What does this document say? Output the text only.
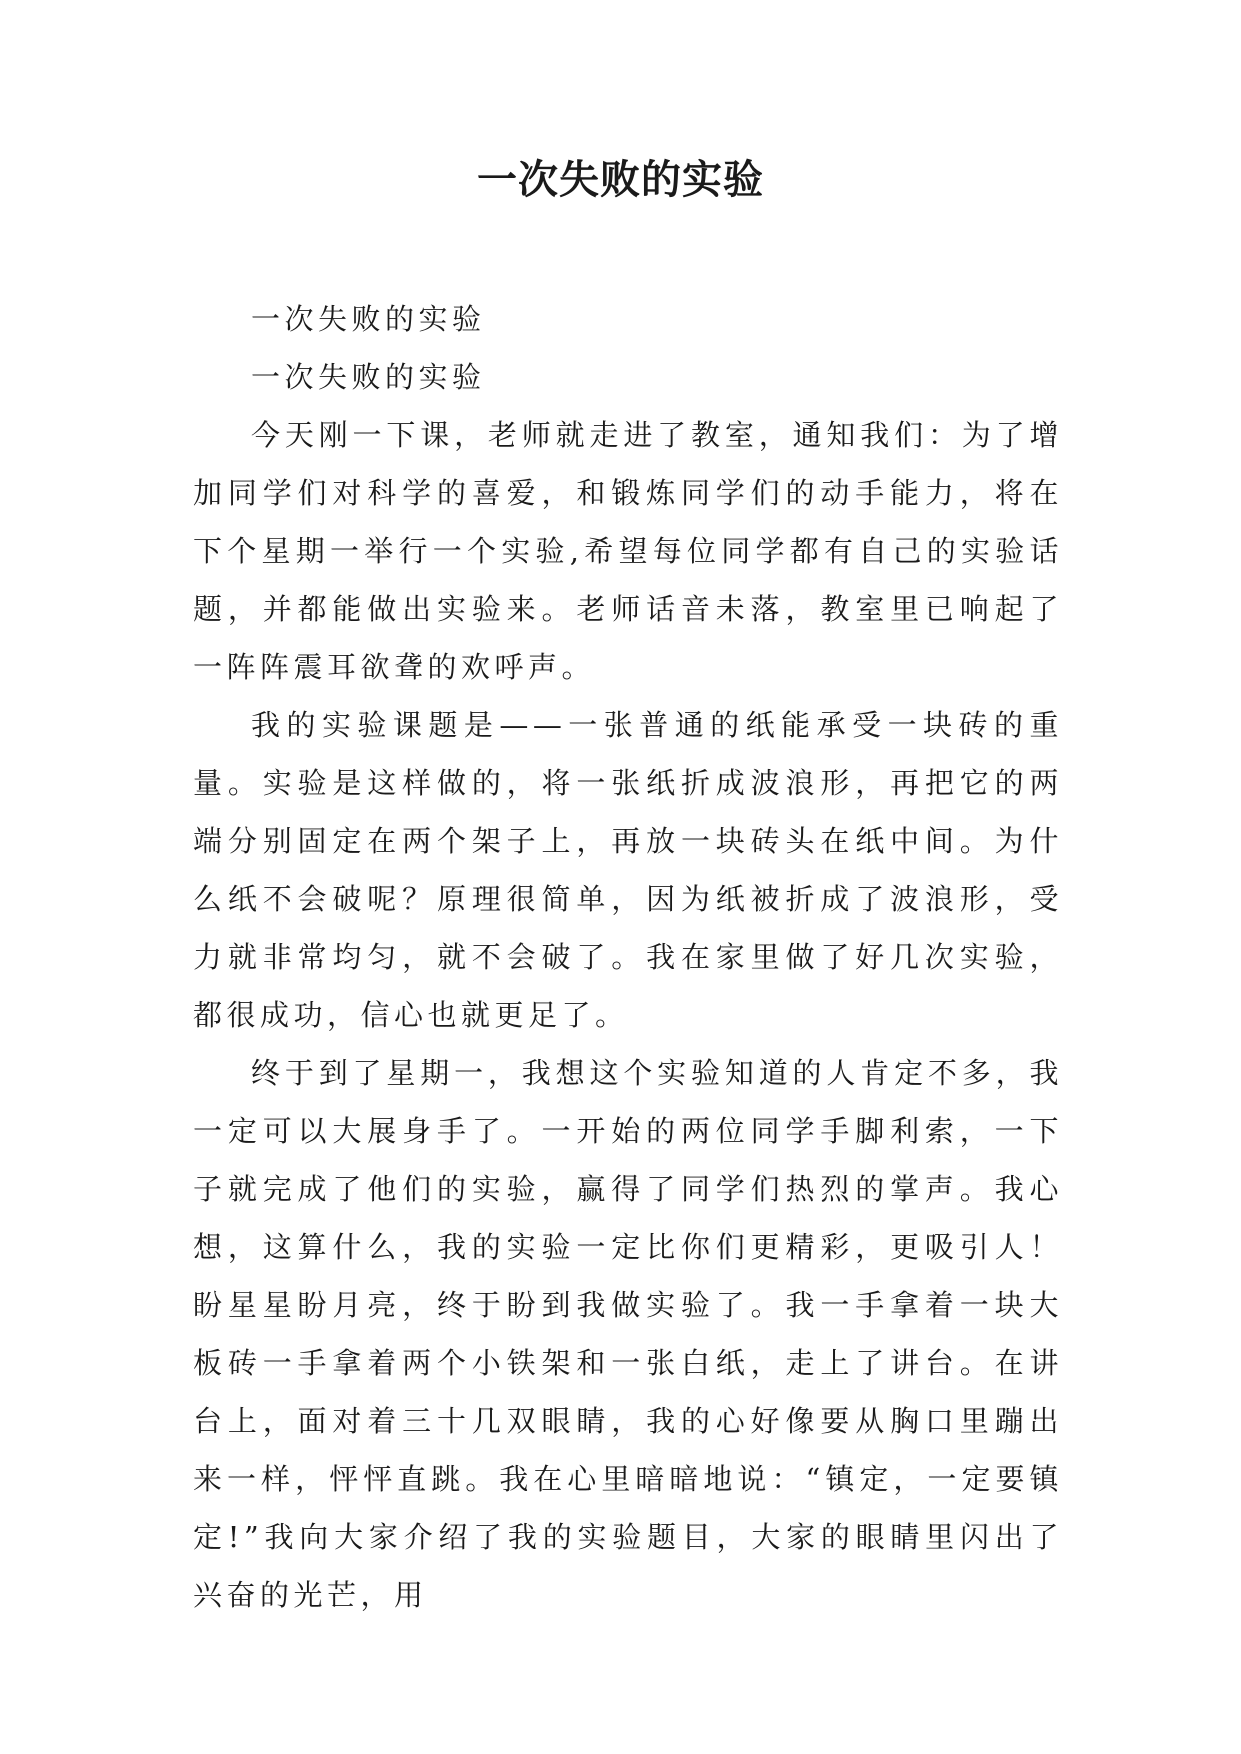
一次失败的实验

一次失败的实验

一次失败的实验

今天刚一下课，老师就走进了教室，通知我们：为了增加同学们对科学的喜爱，和锻炼同学们的动手能力，将在下个星期一举行一个实验,希望每位同学都有自己的实验话题，并都能做出实验来。老师话音未落，教室里已响起了一阵阵震耳欲聋的欢呼声。

我的实验课题是——一张普通的纸能承受一块砖的重量。实验是这样做的，将一张纸折成波浪形，再把它的两端分别固定在两个架子上，再放一块砖头在纸中间。为什么纸不会破呢？原理很简单，因为纸被折成了波浪形，受力就非常均匀，就不会破了。我在家里做了好几次实验，都很成功，信心也就更足了。

终于到了星期一，我想这个实验知道的人肯定不多，我一定可以大展身手了。一开始的两位同学手脚利索，一下子就完成了他们的实验，赢得了同学们热烈的掌声。我心想，这算什么，我的实验一定比你们更精彩，更吸引人！盼星星盼月亮，终于盼到我做实验了。我一手拿着一块大板砖一手拿着两个小铁架和一张白纸，走上了讲台。在讲台上，面对着三十几双眼睛，我的心好像要从胸口里蹦出来一样，怦怦直跳。我在心里暗暗地说：“镇定，一定要镇定!”我向大家介绍了我的实验题目，大家的眼睛里闪出了兴奋的光芒，用
